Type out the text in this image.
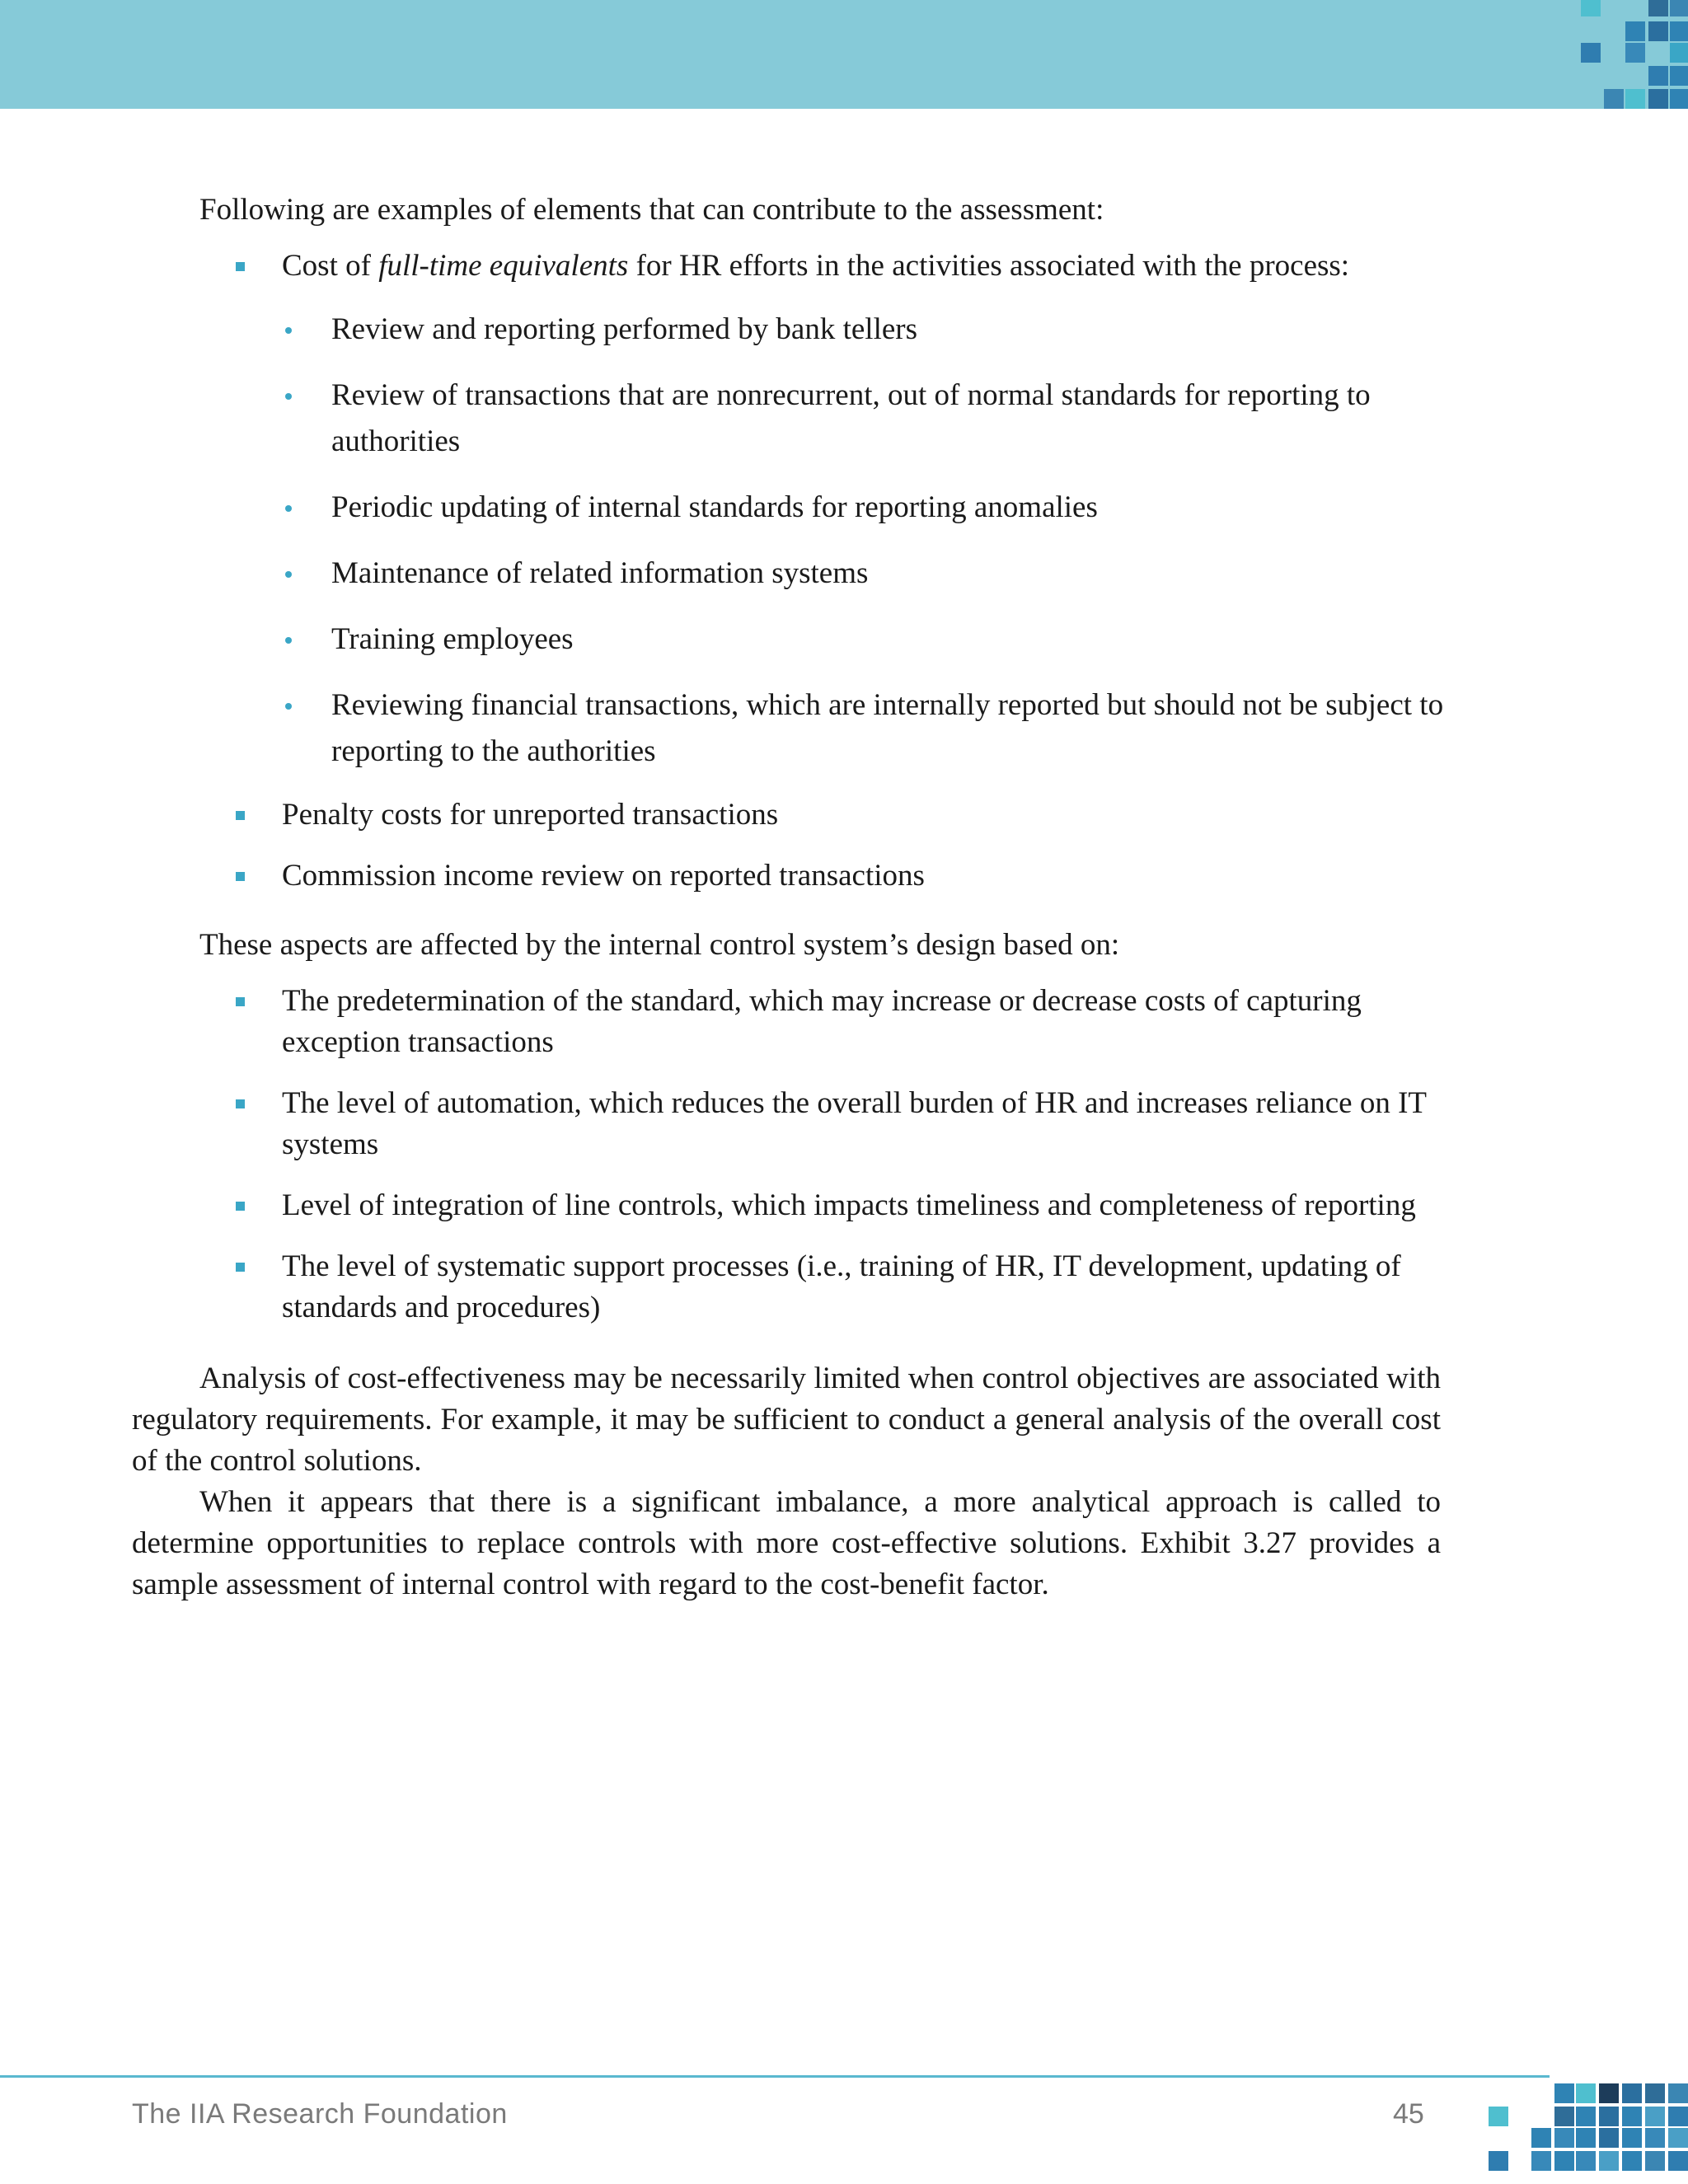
Following are examples of elements that can contribute to the assessment:

Cost of full-time equivalents for HR efforts in the activities associated with the process:
Review and reporting performed by bank tellers
Review of transactions that are nonrecurrent, out of normal standards for reporting to authorities
Periodic updating of internal standards for reporting anomalies
Maintenance of related information systems
Training employees
Reviewing financial transactions, which are internally reported but should not be subject to reporting to the authorities
Penalty costs for unreported transactions
Commission income review on reported transactions

These aspects are affected by the internal control system’s design based on:

The predetermination of the standard, which may increase or decrease costs of capturing exception transactions
The level of automation, which reduces the overall burden of HR and increases reliance on IT systems
Level of integration of line controls, which impacts timeliness and completeness of reporting
The level of systematic support processes (i.e., training of HR, IT development, updating of standards and procedures)

Analysis of cost-effectiveness may be necessarily limited when control objectives are associated with regulatory requirements. For example, it may be sufficient to conduct a general analysis of the overall cost of the control solutions.

When it appears that there is a significant imbalance, a more analytical approach is called to determine opportunities to replace controls with more cost-effective solutions. Exhibit 3.27 provides a sample assessment of internal control with regard to the cost-benefit factor.

The IIA Research Foundation	45
